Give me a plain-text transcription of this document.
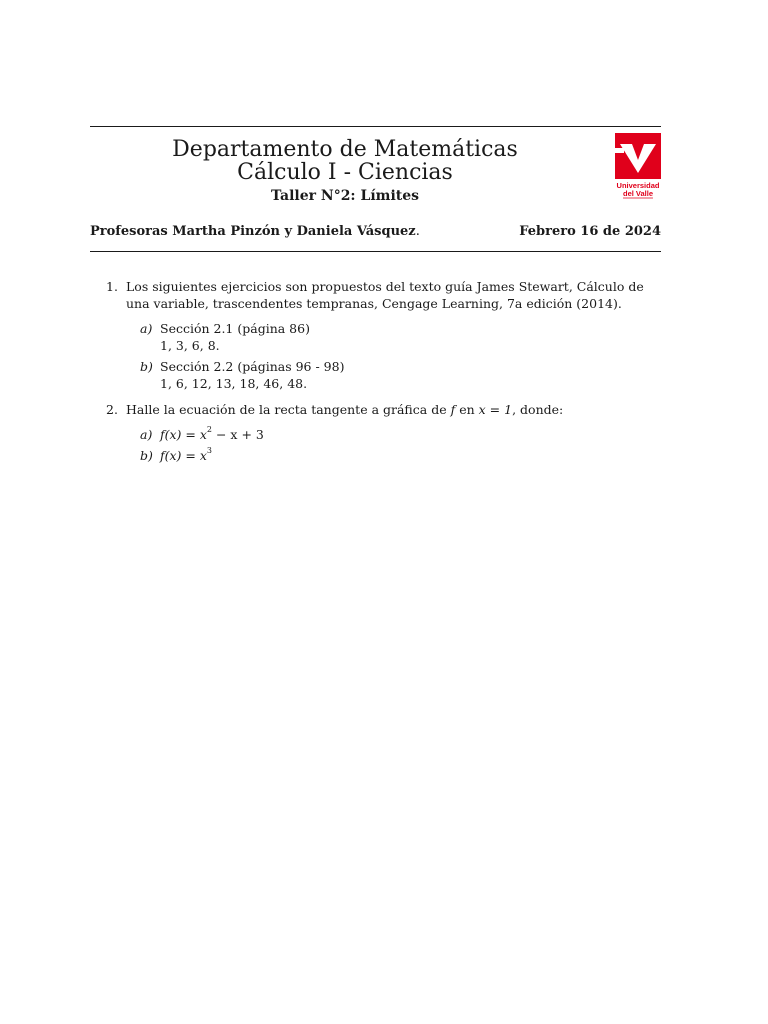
Departamento de Matemáticas
Cálculo I - Ciencias
Taller N°2: Límites
Universidad
del Valle
Profesoras Martha Pinzón y Daniela Vásquez.	Febrero 16 de 2024
1. Los siguientes ejercicios son propuestos del texto guía James Stewart, Cálculo de una variable, trascendentes tempranas, Cengage Learning, 7a edición (2014).
a) Sección 2.1 (página 86)
1, 3, 6, 8.
b) Sección 2.2 (páginas 96 - 98)
1, 6, 12, 13, 18, 46, 48.
2. Halle la ecuación de la recta tangente a gráfica de f en x = 1, donde:
a) $f(x) = x^2 - x + 3$
b) $f(x) = x^3$
